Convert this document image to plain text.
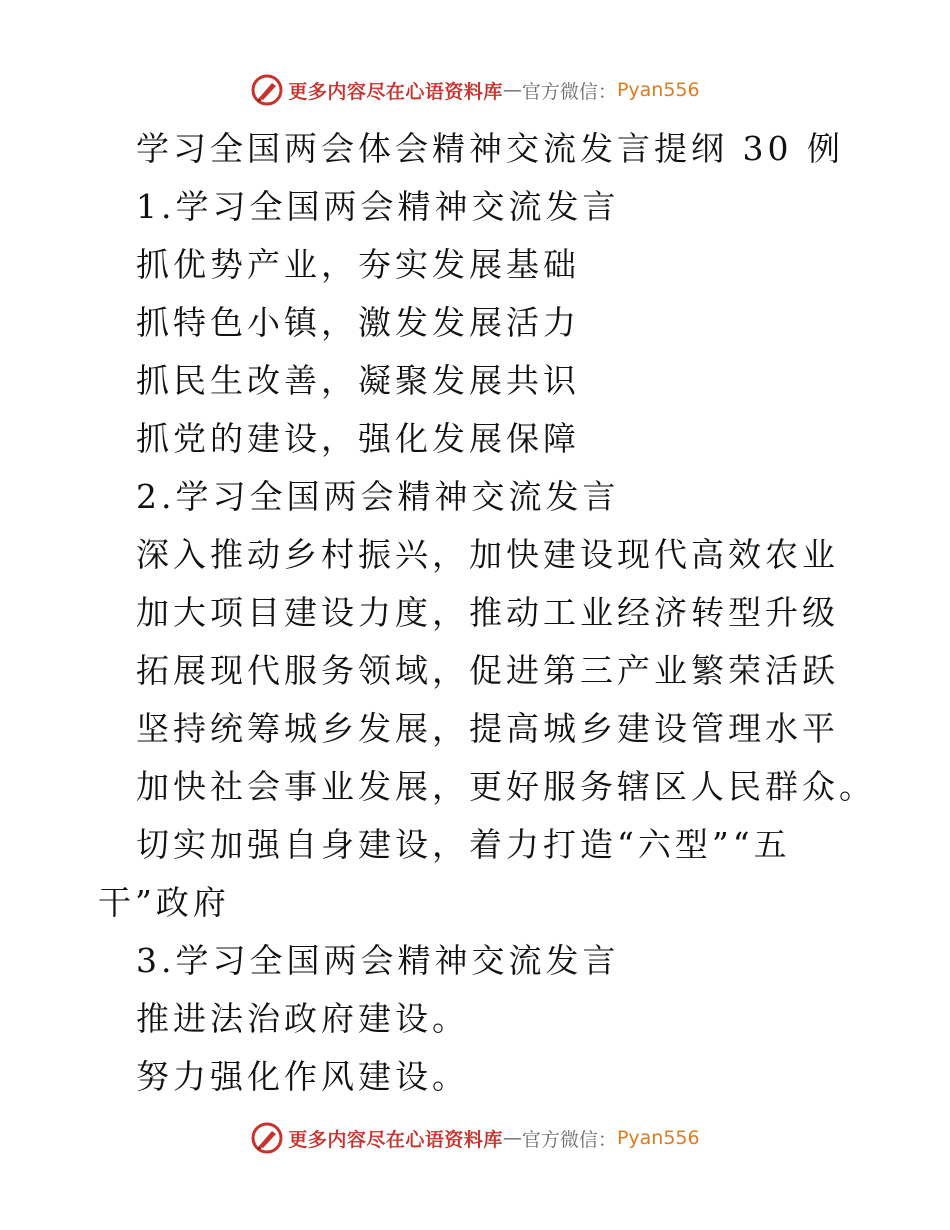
更多内容尽在心语资料库 — 官方微信： Pyan556
学习全国两会体会精神交流发言提纲 30 例
1.学习全国两会精神交流发言
抓优势产业，夯实发展基础
抓特色小镇，激发发展活力
抓民生改善，凝聚发展共识
抓党的建设，强化发展保障
2.学习全国两会精神交流发言
深入推动乡村振兴，加快建设现代高效农业
加大项目建设力度，推动工业经济转型升级
拓展现代服务领域，促进第三产业繁荣活跃
坚持统筹城乡发展，提高城乡建设管理水平
加快社会事业发展，更好服务辖区人民群众。
切实加强自身建设，着力打造“六型”“五
干”政府
3.学习全国两会精神交流发言
推进法治政府建设。
努力强化作风建设。
更多内容尽在心语资料库 — 官方微信： Pyan556
